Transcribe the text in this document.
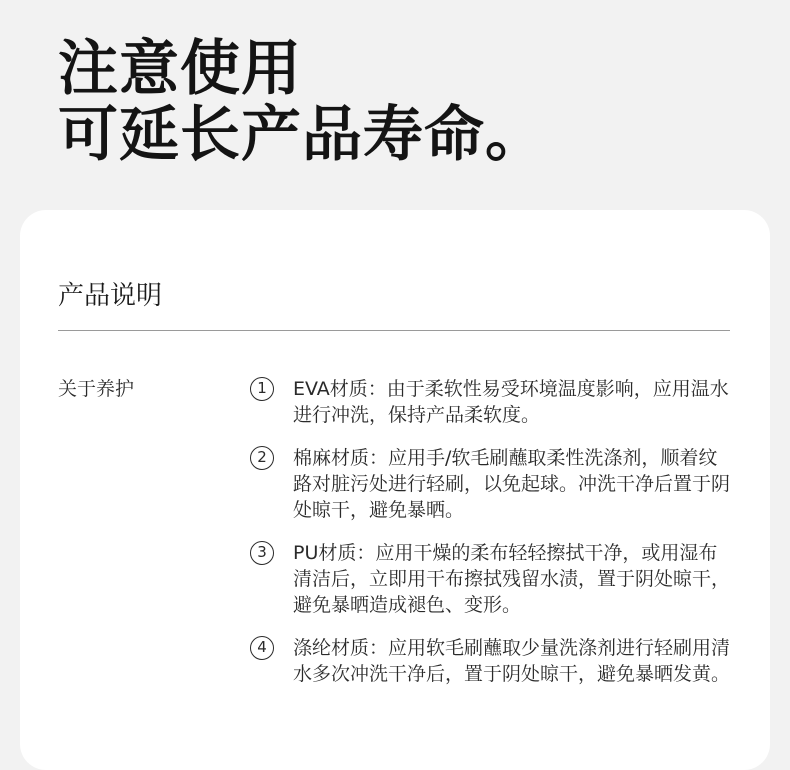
注意使用
可延长产品寿命。
产品说明
关于养护	1	EVA材质：由于柔软性易受环境温度影响，应用温水进行冲洗，保持产品柔软度。
2	棉麻材质：应用手/软毛刷蘸取柔性洗涤剂，顺着纹路对脏污处进行轻刷，以免起球。冲洗干净后置于阴处晾干，避免暴晒。
3	PU材质：应用干燥的柔布轻轻擦拭干净，或用湿布清洁后，立即用干布擦拭残留水渍，置于阴处晾干，避免暴晒造成褪色、变形。
4	涤纶材质：应用软毛刷蘸取少量洗涤剂进行轻刷用清水多次冲洗干净后，置于阴处晾干，避免暴晒发黄。
